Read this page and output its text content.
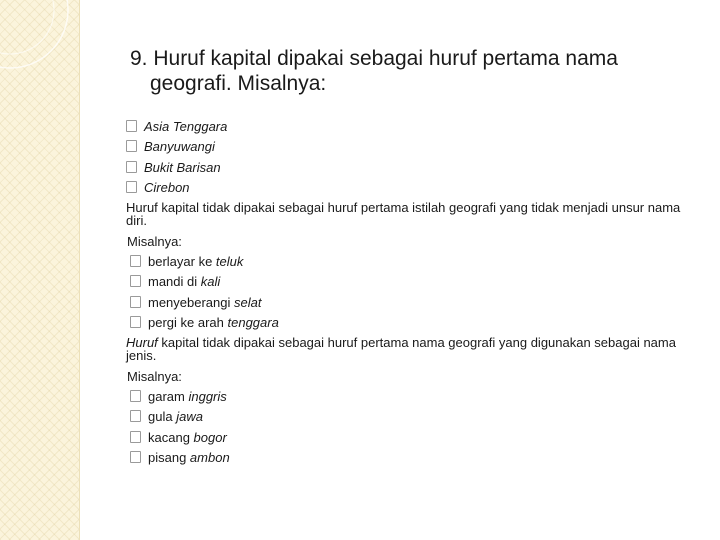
9. Huruf kapital dipakai sebagai huruf pertama nama
geografi. Misalnya:
Asia Tenggara
Banyuwangi
Bukit Barisan
Cirebon
Huruf kapital tidak dipakai sebagai huruf pertama istilah geografi yang tidak menjadi unsur nama diri.
Misalnya:
berlayar ke teluk
mandi di kali
menyeberangi selat
pergi ke arah tenggara
Huruf kapital tidak dipakai sebagai huruf pertama nama geografi yang digunakan sebagai nama jenis.
Misalnya:
garam inggris
gula jawa
kacang bogor
pisang ambon
